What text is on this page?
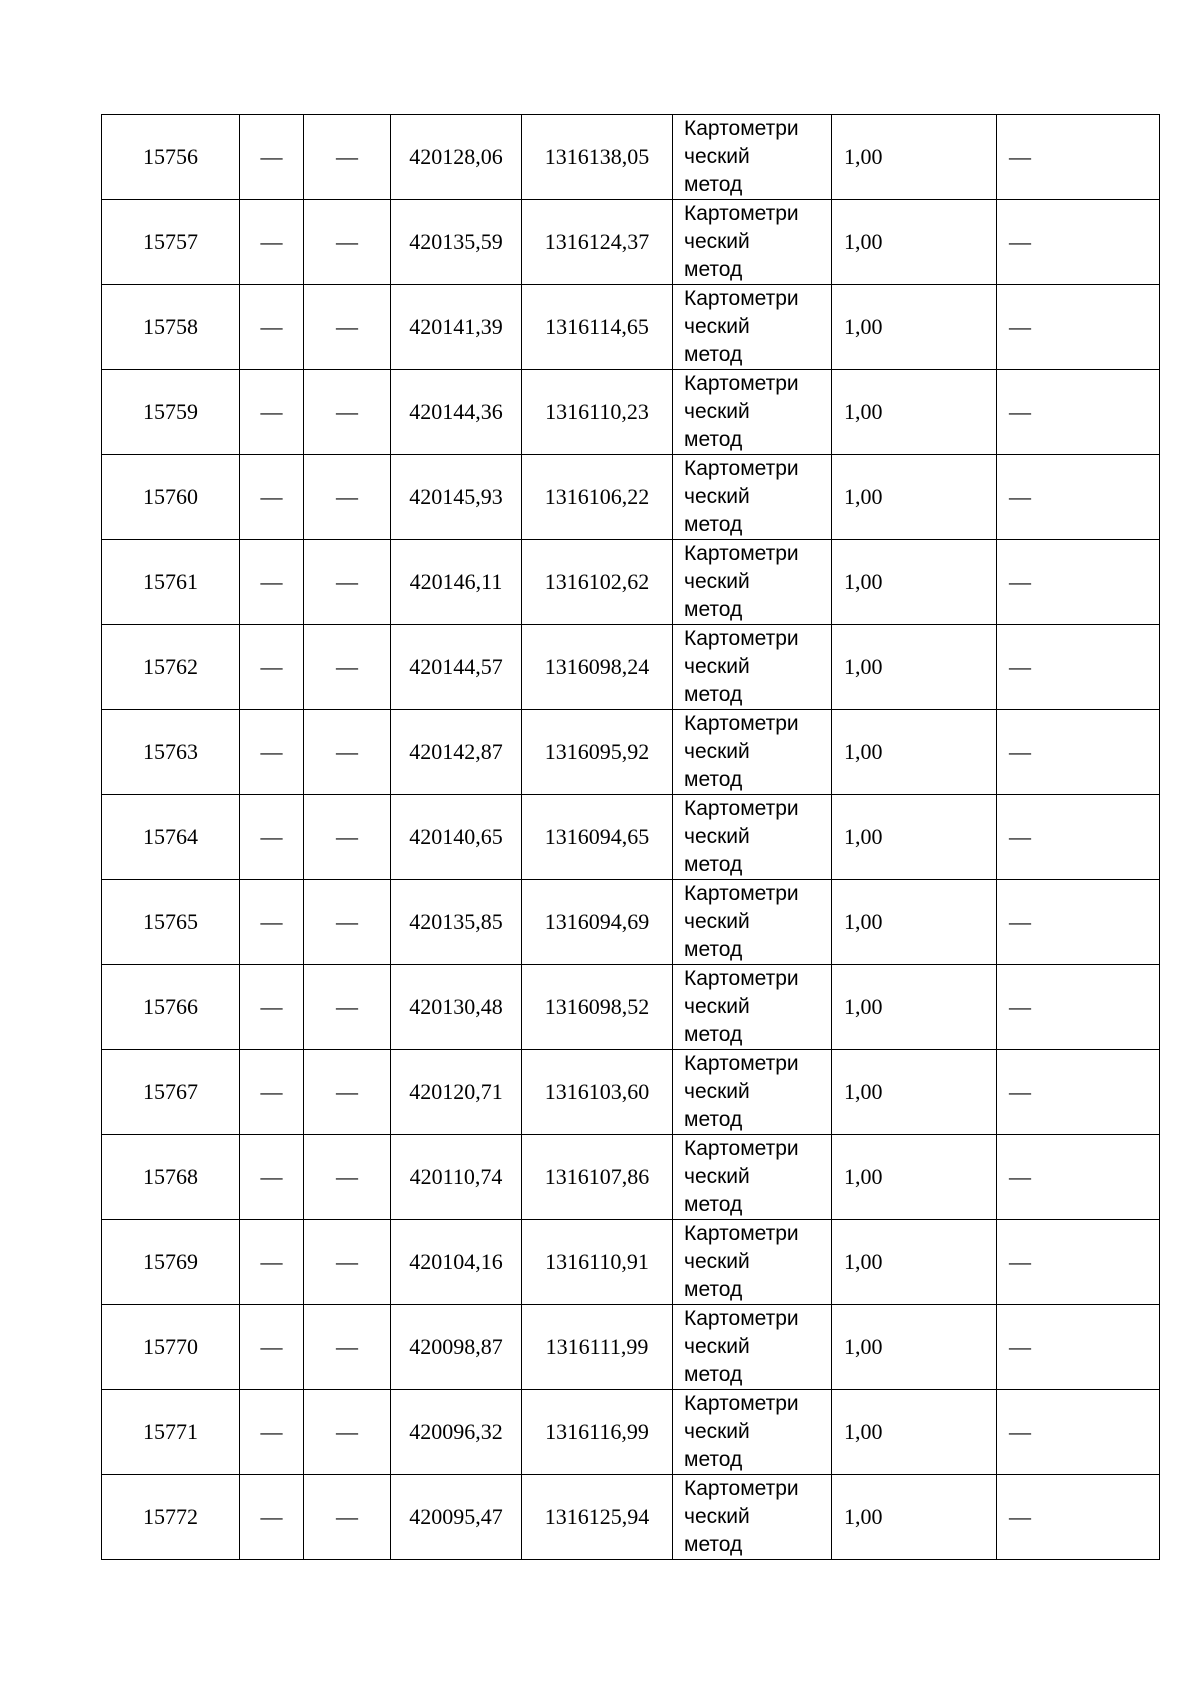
15756	—	—	420128,06	1316138,05	Картометри
ческий
метод	1,00	—
15757	—	—	420135,59	1316124,37	Картометри
ческий
метод	1,00	—
15758	—	—	420141,39	1316114,65	Картометри
ческий
метод	1,00	—
15759	—	—	420144,36	1316110,23	Картометри
ческий
метод	1,00	—
15760	—	—	420145,93	1316106,22	Картометри
ческий
метод	1,00	—
15761	—	—	420146,11	1316102,62	Картометри
ческий
метод	1,00	—
15762	—	—	420144,57	1316098,24	Картометри
ческий
метод	1,00	—
15763	—	—	420142,87	1316095,92	Картометри
ческий
метод	1,00	—
15764	—	—	420140,65	1316094,65	Картометри
ческий
метод	1,00	—
15765	—	—	420135,85	1316094,69	Картометри
ческий
метод	1,00	—
15766	—	—	420130,48	1316098,52	Картометри
ческий
метод	1,00	—
15767	—	—	420120,71	1316103,60	Картометри
ческий
метод	1,00	—
15768	—	—	420110,74	1316107,86	Картометри
ческий
метод	1,00	—
15769	—	—	420104,16	1316110,91	Картометри
ческий
метод	1,00	—
15770	—	—	420098,87	1316111,99	Картометри
ческий
метод	1,00	—
15771	—	—	420096,32	1316116,99	Картометри
ческий
метод	1,00	—
15772	—	—	420095,47	1316125,94	Картометри
ческий
метод	1,00	—
